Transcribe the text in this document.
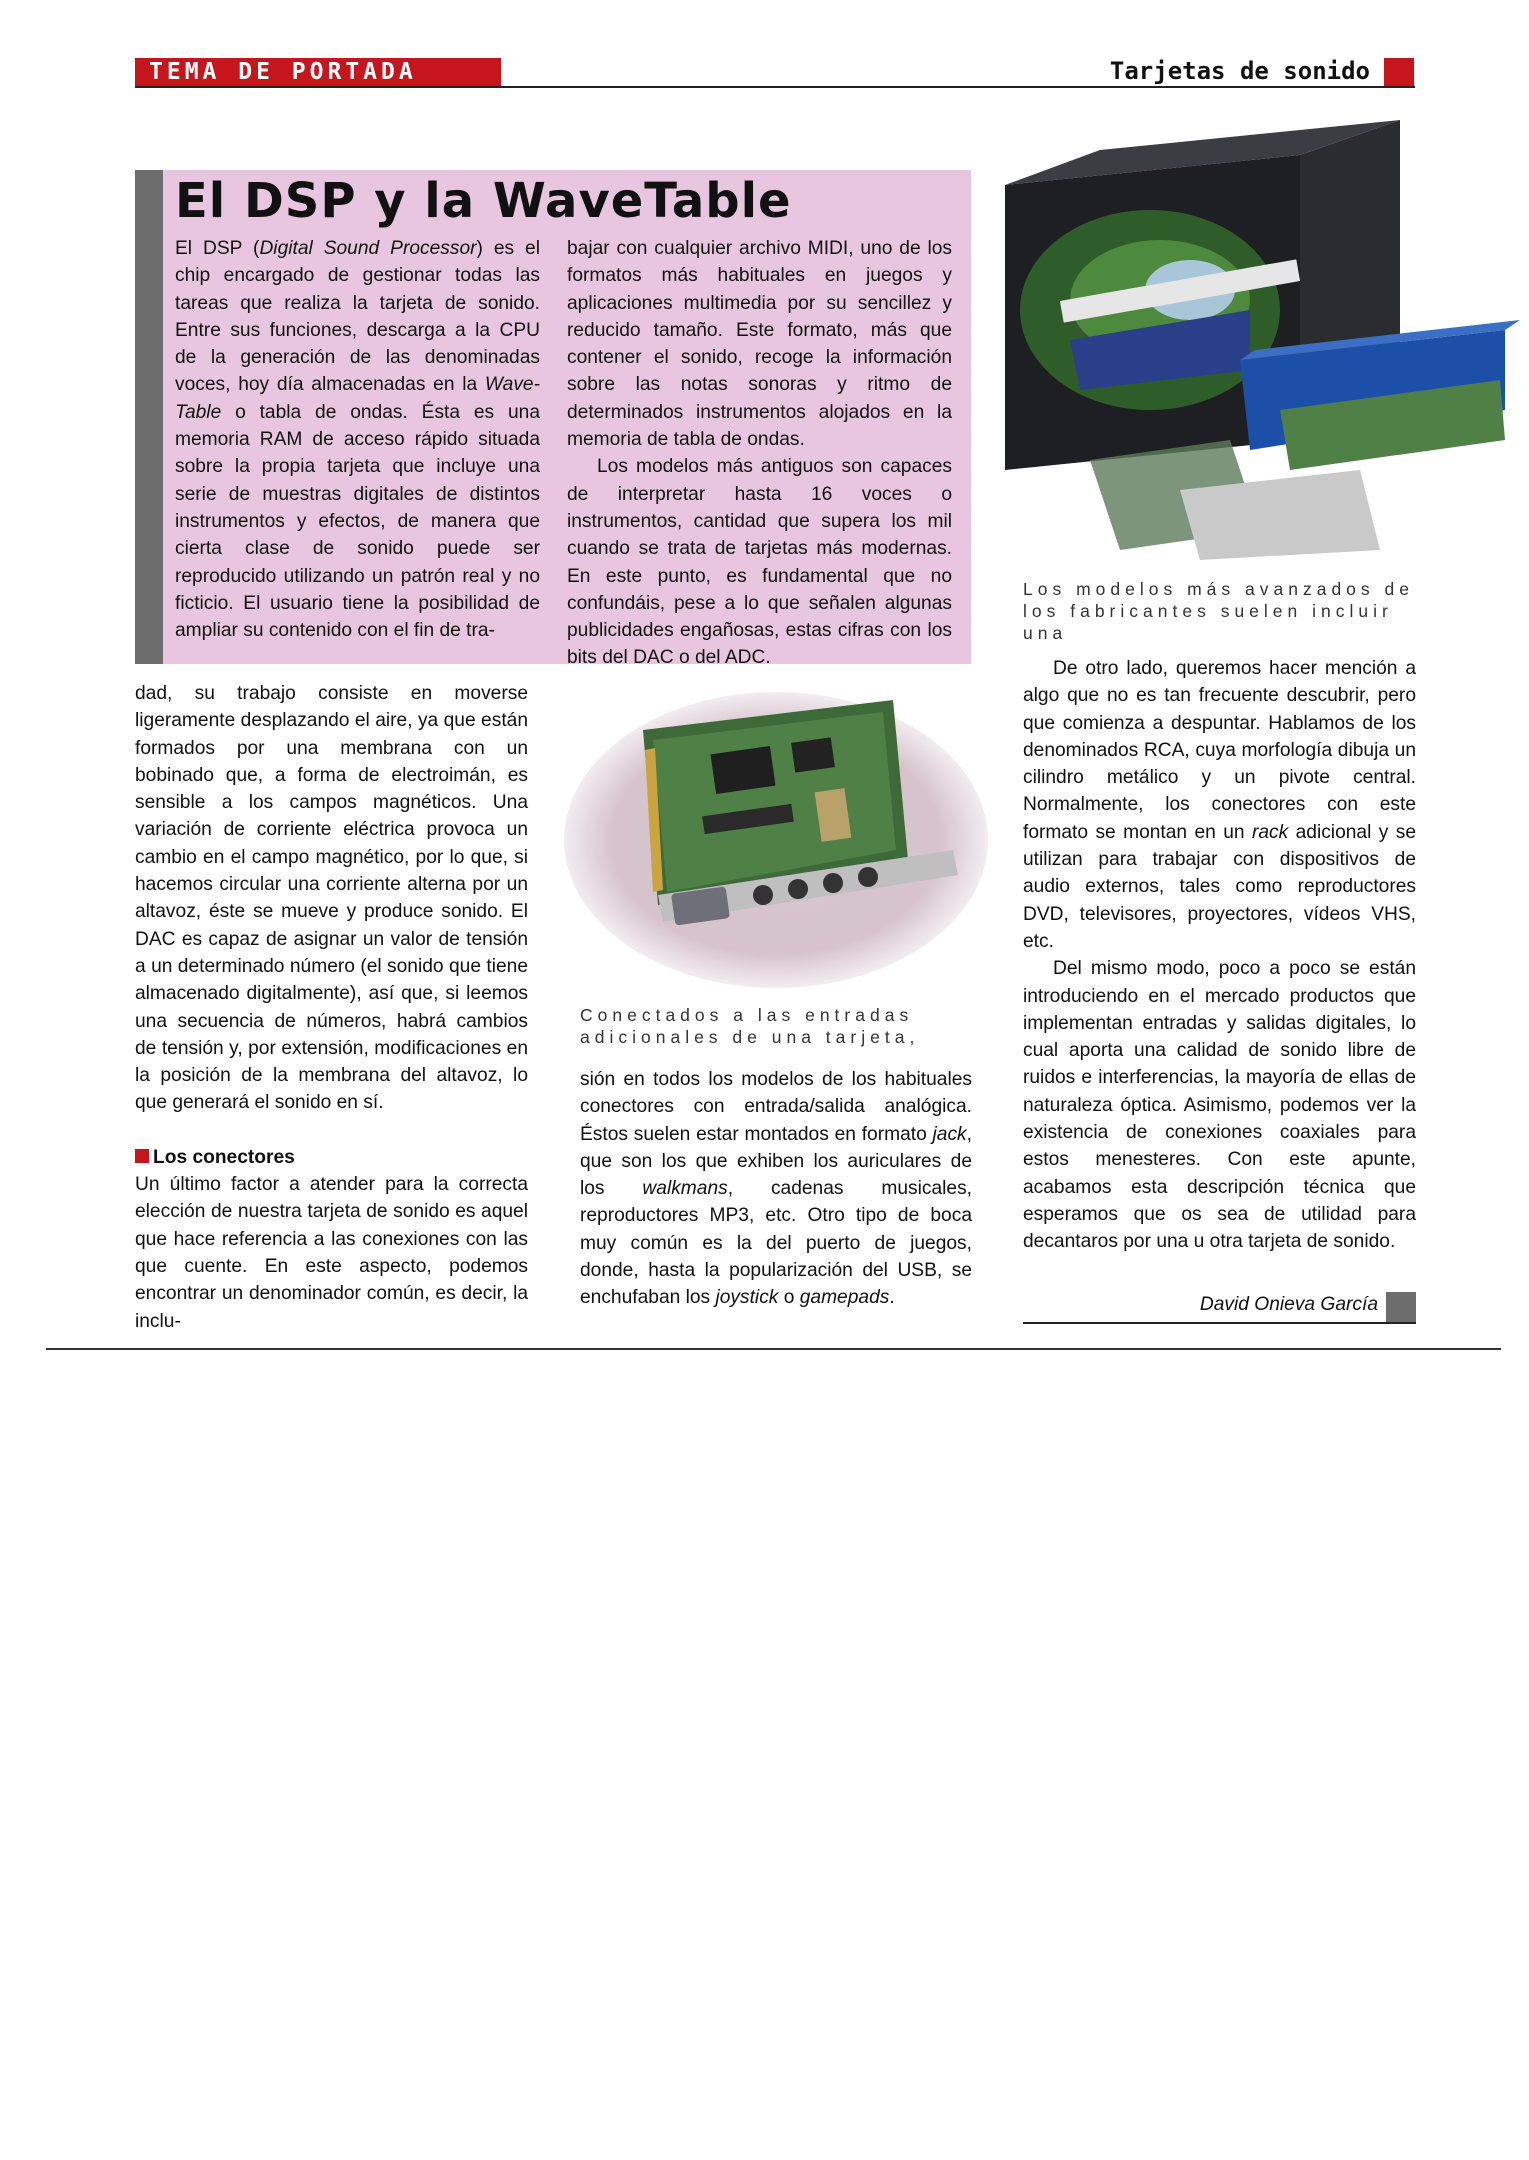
TEMA DE PORTADA	Tarjetas de sonido
El DSP y la WaveTable

El DSP (Digital Sound Processor) es el chip encargado de gestionar todas las tareas que realiza la tarjeta de sonido. Entre sus funciones, descarga a la CPU de la generación de las denominadas voces, hoy día almacenadas en la Wave-Table o tabla de ondas. Ésta es una memoria RAM de acceso rápido situada sobre la propia tarjeta que incluye una serie de muestras digitales de distintos instrumentos y efectos, de manera que cierta clase de sonido puede ser reproducido utilizando un patrón real y no ficticio. El usuario tiene la posibilidad de ampliar su contenido con el fin de tra-

bajar con cualquier archivo MIDI, uno de los formatos más habituales en juegos y aplicaciones multimedia por su sencillez y reducido tamaño. Este formato, más que contener el sonido, recoge la información sobre las notas sonoras y ritmo de determinados instrumentos alojados en la memoria de tabla de ondas.

Los modelos más antiguos son capaces de interpretar hasta 16 voces o instrumentos, cantidad que supera los mil cuando se trata de tarjetas más modernas. En este punto, es fundamental que no confundáis, pese a lo que señalen algunas publicidades engañosas, estas cifras con los bits del DAC o del ADC.

dad, su trabajo consiste en moverse ligeramente desplazando el aire, ya que están formados por una membrana con un bobinado que, a forma de electroimán, es sensible a los campos magnéticos. Una variación de corriente eléctrica provoca un cambio en el campo magnético, por lo que, si hacemos circular una corriente alterna por un altavoz, éste se mueve y produce sonido. El DAC es capaz de asignar un valor de tensión a un determinado número (el sonido que tiene almacenado digitalmente), así que, si leemos una secuencia de números, habrá cambios de tensión y, por extensión, modificaciones en la posición de la membrana del altavoz, lo que generará el sonido en sí.

Los conectores

Un último factor a atender para la correcta elección de nuestra tarjeta de sonido es aquel que hace referencia a las conexiones con las que cuente. En este aspecto, podemos encontrar un denominador común, es decir, la inclu-

Conectados a las entradas adicionales de una tarjeta,

sión en todos los modelos de los habituales conectores con entrada/salida analógica. Éstos suelen estar montados en formato jack, que son los que exhiben los auriculares de los walkmans, cadenas musicales, reproductores MP3, etc. Otro tipo de boca muy común es la del puerto de juegos, donde, hasta la popularización del USB, se enchufaban los joystick o gamepads.

Los modelos más avanzados de los fabricantes suelen incluir una

De otro lado, queremos hacer mención a algo que no es tan frecuente descubrir, pero que comienza a despuntar. Hablamos de los denominados RCA, cuya morfología dibuja un cilindro metálico y un pivote central. Normalmente, los conectores con este formato se montan en un rack adicional y se utilizan para trabajar con dispositivos de audio externos, tales como reproductores DVD, televisores, proyectores, vídeos VHS, etc.

Del mismo modo, poco a poco se están introduciendo en el mercado productos que implementan entradas y salidas digitales, lo cual aporta una calidad de sonido libre de ruidos e interferencias, la mayoría de ellas de naturaleza óptica. Asimismo, podemos ver la existencia de conexiones coaxiales para estos menesteres. Con este apunte, acabamos esta descripción técnica que esperamos que os sea de utilidad para decantaros por una u otra tarjeta de sonido.

David Onieva García
